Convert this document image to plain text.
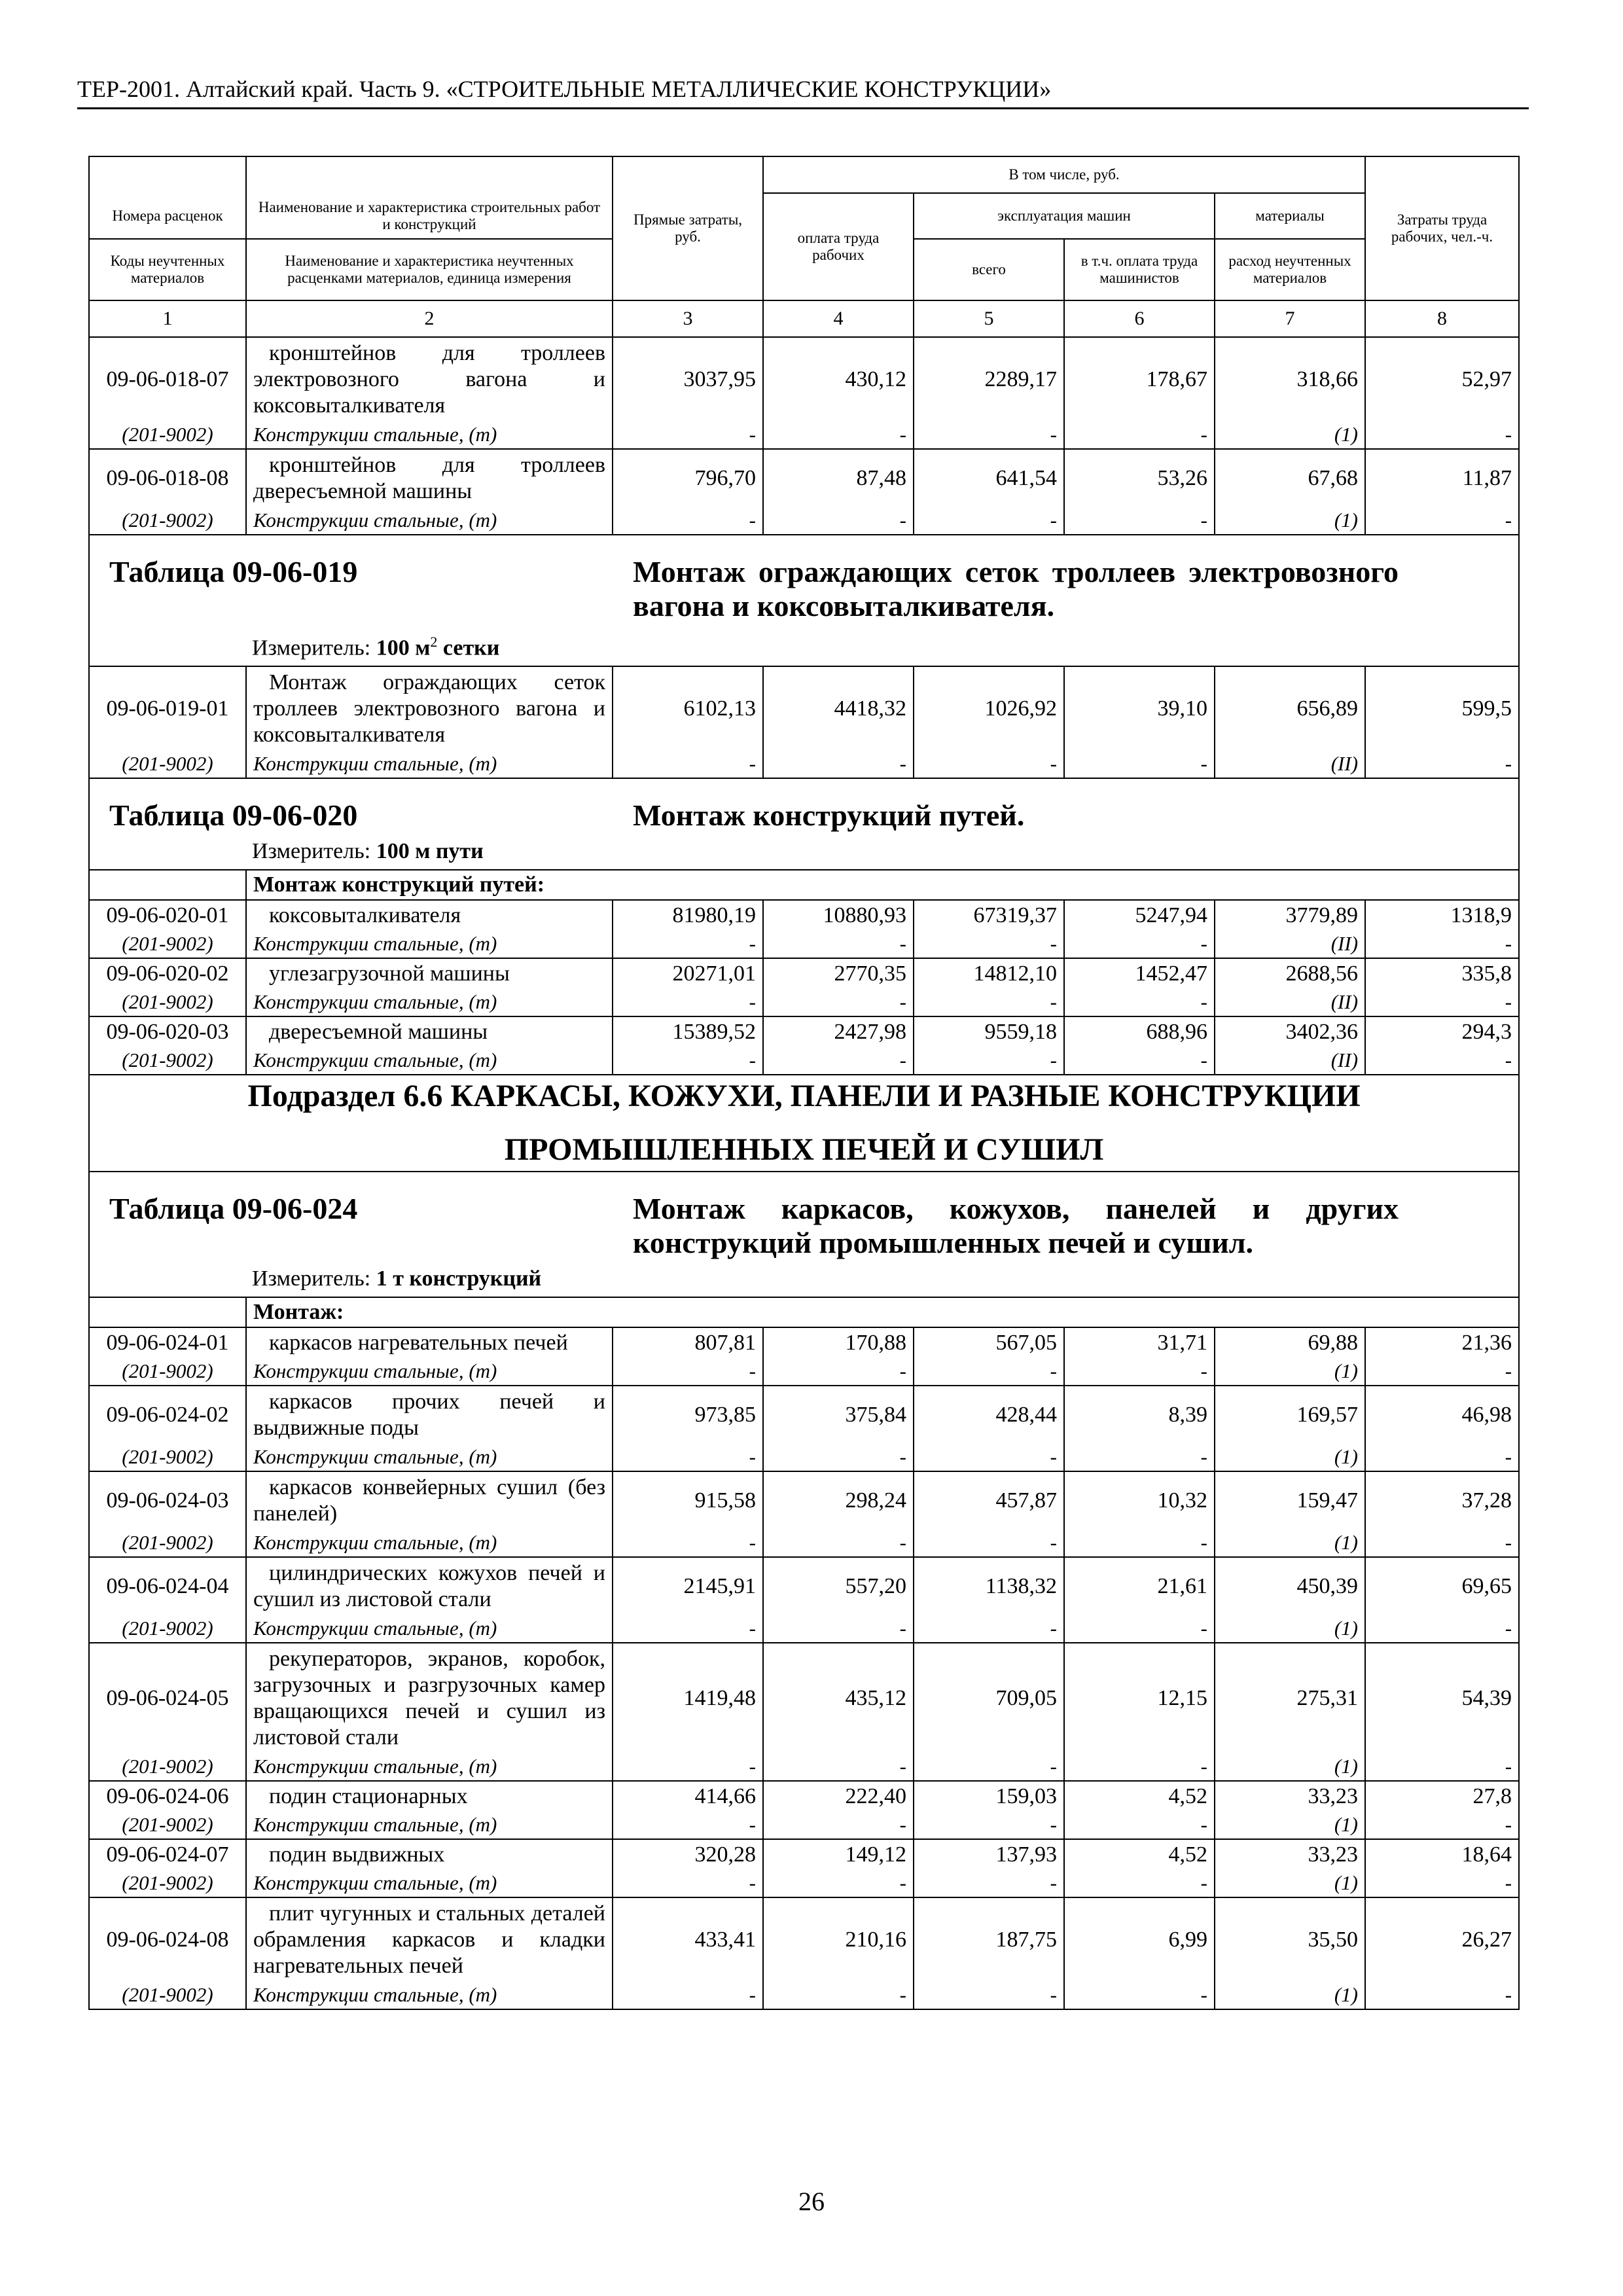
ТЕР-2001. Алтайский край. Часть 9. «СТРОИТЕЛЬНЫЕ МЕТАЛЛИЧЕСКИЕ КОНСТРУКЦИИ»
		Прямые затраты, руб.	В том числе, руб.				Затраты труда рабочих, чел.-ч.
Номера расценок	Наименование и характеристика строительных работ и конструкций		оплата труда рабочих	эксплуатация машин		материалы	
Коды неучтенных материалов	Наименование и характеристика неучтенных расценками материалов, единица измерения			всего	в т.ч. оплата труда машинистов	расход неучтенных материалов	
1	2	3	4	5	6	7	8
09-06-018-07	кронштейнов для троллеев электровозного вагона и коксовыталкивателя	3037,95	430,12	2289,17	178,67	318,66	52,97
(201-9002)	Конструкции стальные, (т)	-	-	-	-	(1)	-
09-06-018-08	кронштейнов для троллеев двересъемной машины	796,70	87,48	641,54	53,26	67,68	11,87
(201-9002)	Конструкции стальные, (т)	-	-	-	-	(1)	-

Таблица 09-06-019 Монтаж ограждающих сеток троллеев электровозного вагона и коксовыталкивателя.
Измеритель: 100 $м^2$ сетки							

09-06-019-01	Монтаж ограждающих сеток троллеев электровозного вагона и коксовыталкивателя	6102,13	4418,32	1026,92	39,10	656,89	599,5
(201-9002)	Конструкции стальные, (т)	-	-	-	-	(II)	-

Таблица 09-06-020 Монтаж конструкций путей.
Измеритель: 100 м пути							

	Монтаж конструкций путей:						
09-06-020-01	коксовыталкивателя	81980,19	10880,93	67319,37	5247,94	3779,89	1318,9
(201-9002)	Конструкции стальные, (т)	-	-	-	-	(II)	-
09-06-020-02	углезагрузочной машины	20271,01	2770,35	14812,10	1452,47	2688,56	335,8
(201-9002)	Конструкции стальные, (т)	-	-	-	-	(II)	-
09-06-020-03	двересъемной машины	15389,52	2427,98	9559,18	688,96	3402,36	294,3
(201-9002)	Конструкции стальные, (т)	-	-	-	-	(II)	-

Подраздел 6.6 КАРКАСЫ, КОЖУХИ, ПАНЕЛИ И РАЗНЫЕ КОНСТРУКЦИИ
ПРОМЫШЛЕННЫХ ПЕЧЕЙ И СУШИЛ							

Таблица 09-06-024 Монтаж каркасов, кожухов, панелей и других конструкций промышленных печей и сушил.
Измеритель: 1 т конструкций							

	Монтаж:						
09-06-024-01	каркасов нагревательных печей	807,81	170,88	567,05	31,71	69,88	21,36
(201-9002)	Конструкции стальные, (т)	-	-	-	-	(1)	-
09-06-024-02	каркасов прочих печей и выдвижные поды	973,85	375,84	428,44	8,39	169,57	46,98
(201-9002)	Конструкции стальные, (т)	-	-	-	-	(1)	-
09-06-024-03	каркасов конвейерных сушил (без панелей)	915,58	298,24	457,87	10,32	159,47	37,28
(201-9002)	Конструкции стальные, (т)	-	-	-	-	(1)	-
09-06-024-04	цилиндрических кожухов печей и сушил из листовой стали	2145,91	557,20	1138,32	21,61	450,39	69,65
(201-9002)	Конструкции стальные, (т)	-	-	-	-	(1)	-
09-06-024-05	рекуператоров, экранов, коробок, загрузочных и разгрузочных камер вращающихся печей и сушил из листовой стали	1419,48	435,12	709,05	12,15	275,31	54,39
(201-9002)	Конструкции стальные, (т)	-	-	-	-	(1)	-
09-06-024-06	подин стационарных	414,66	222,40	159,03	4,52	33,23	27,8
(201-9002)	Конструкции стальные, (т)	-	-	-	-	(1)	-
09-06-024-07	подин выдвижных	320,28	149,12	137,93	4,52	33,23	18,64
(201-9002)	Конструкции стальные, (т)	-	-	-	-	(1)	-
09-06-024-08	плит чугунных и стальных деталей обрамления каркасов и кладки нагревательных печей	433,41	210,16	187,75	6,99	35,50	26,27
(201-9002)	Конструкции стальные, (т)	-	-	-	-	(1)	-
26
